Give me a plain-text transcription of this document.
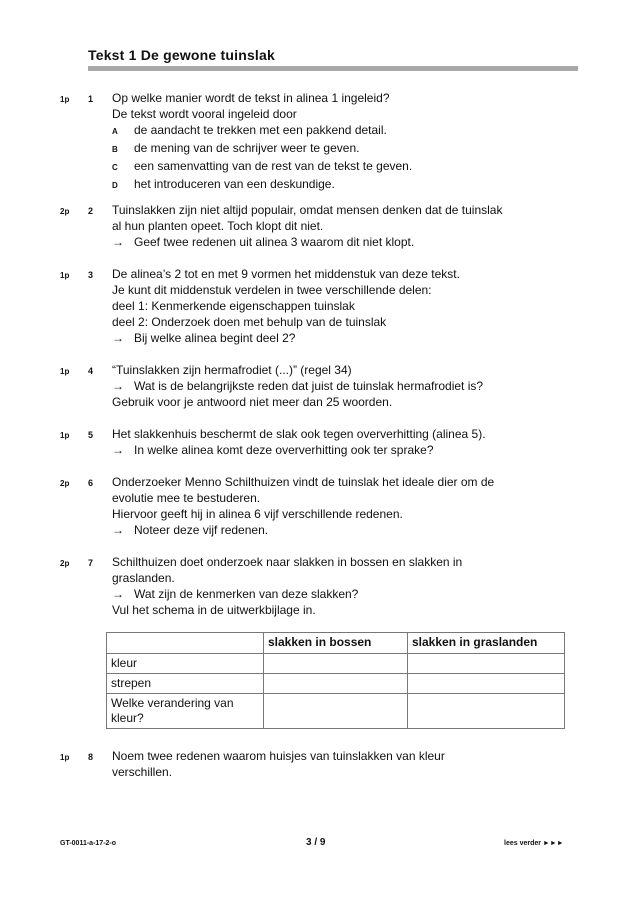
Tekst 1 De gewone tuinslak
1p 1 Op welke manier wordt de tekst in alinea 1 ingeleid?
De tekst wordt vooral ingeleid door
A de aandacht te trekken met een pakkend detail.
B de mening van de schrijver weer te geven.
C een samenvatting van de rest van de tekst te geven.
D het introduceren van een deskundige.
2p 2 Tuinslakken zijn niet altijd populair, omdat mensen denken dat de tuinslak
al hun planten opeet. Toch klopt dit niet.
→ Geef twee redenen uit alinea 3 waarom dit niet klopt.
1p 3 De alinea’s 2 tot en met 9 vormen het middenstuk van deze tekst.
Je kunt dit middenstuk verdelen in twee verschillende delen:
deel 1: Kenmerkende eigenschappen tuinslak
deel 2: Onderzoek doen met behulp van de tuinslak
→ Bij welke alinea begint deel 2?
1p 4 “Tuinslakken zijn hermafrodiet (...)” (regel 34)
→ Wat is de belangrijkste reden dat juist de tuinslak hermafrodiet is?
Gebruik voor je antwoord niet meer dan 25 woorden.
1p 5 Het slakkenhuis beschermt de slak ook tegen oververhitting (alinea 5).
→ In welke alinea komt deze oververhitting ook ter sprake?
2p 6 Onderzoeker Menno Schilthuizen vindt de tuinslak het ideale dier om de
evolutie mee te bestuderen.
Hiervoor geeft hij in alinea 6 vijf verschillende redenen.
→ Noteer deze vijf redenen.
2p 7 Schilthuizen doet onderzoek naar slakken in bossen en slakken in
graslanden.
→ Wat zijn de kenmerken van deze slakken?
Vul het schema in de uitwerkbijlage in.
	slakken in bossen	slakken in graslanden
kleur		
strepen		
Welke verandering van kleur?		
1p 8 Noem twee redenen waarom huisjes van tuinslakken van kleur
verschillen.
GT-0011-a-17-2-o	3 / 9	lees verder ►►►
